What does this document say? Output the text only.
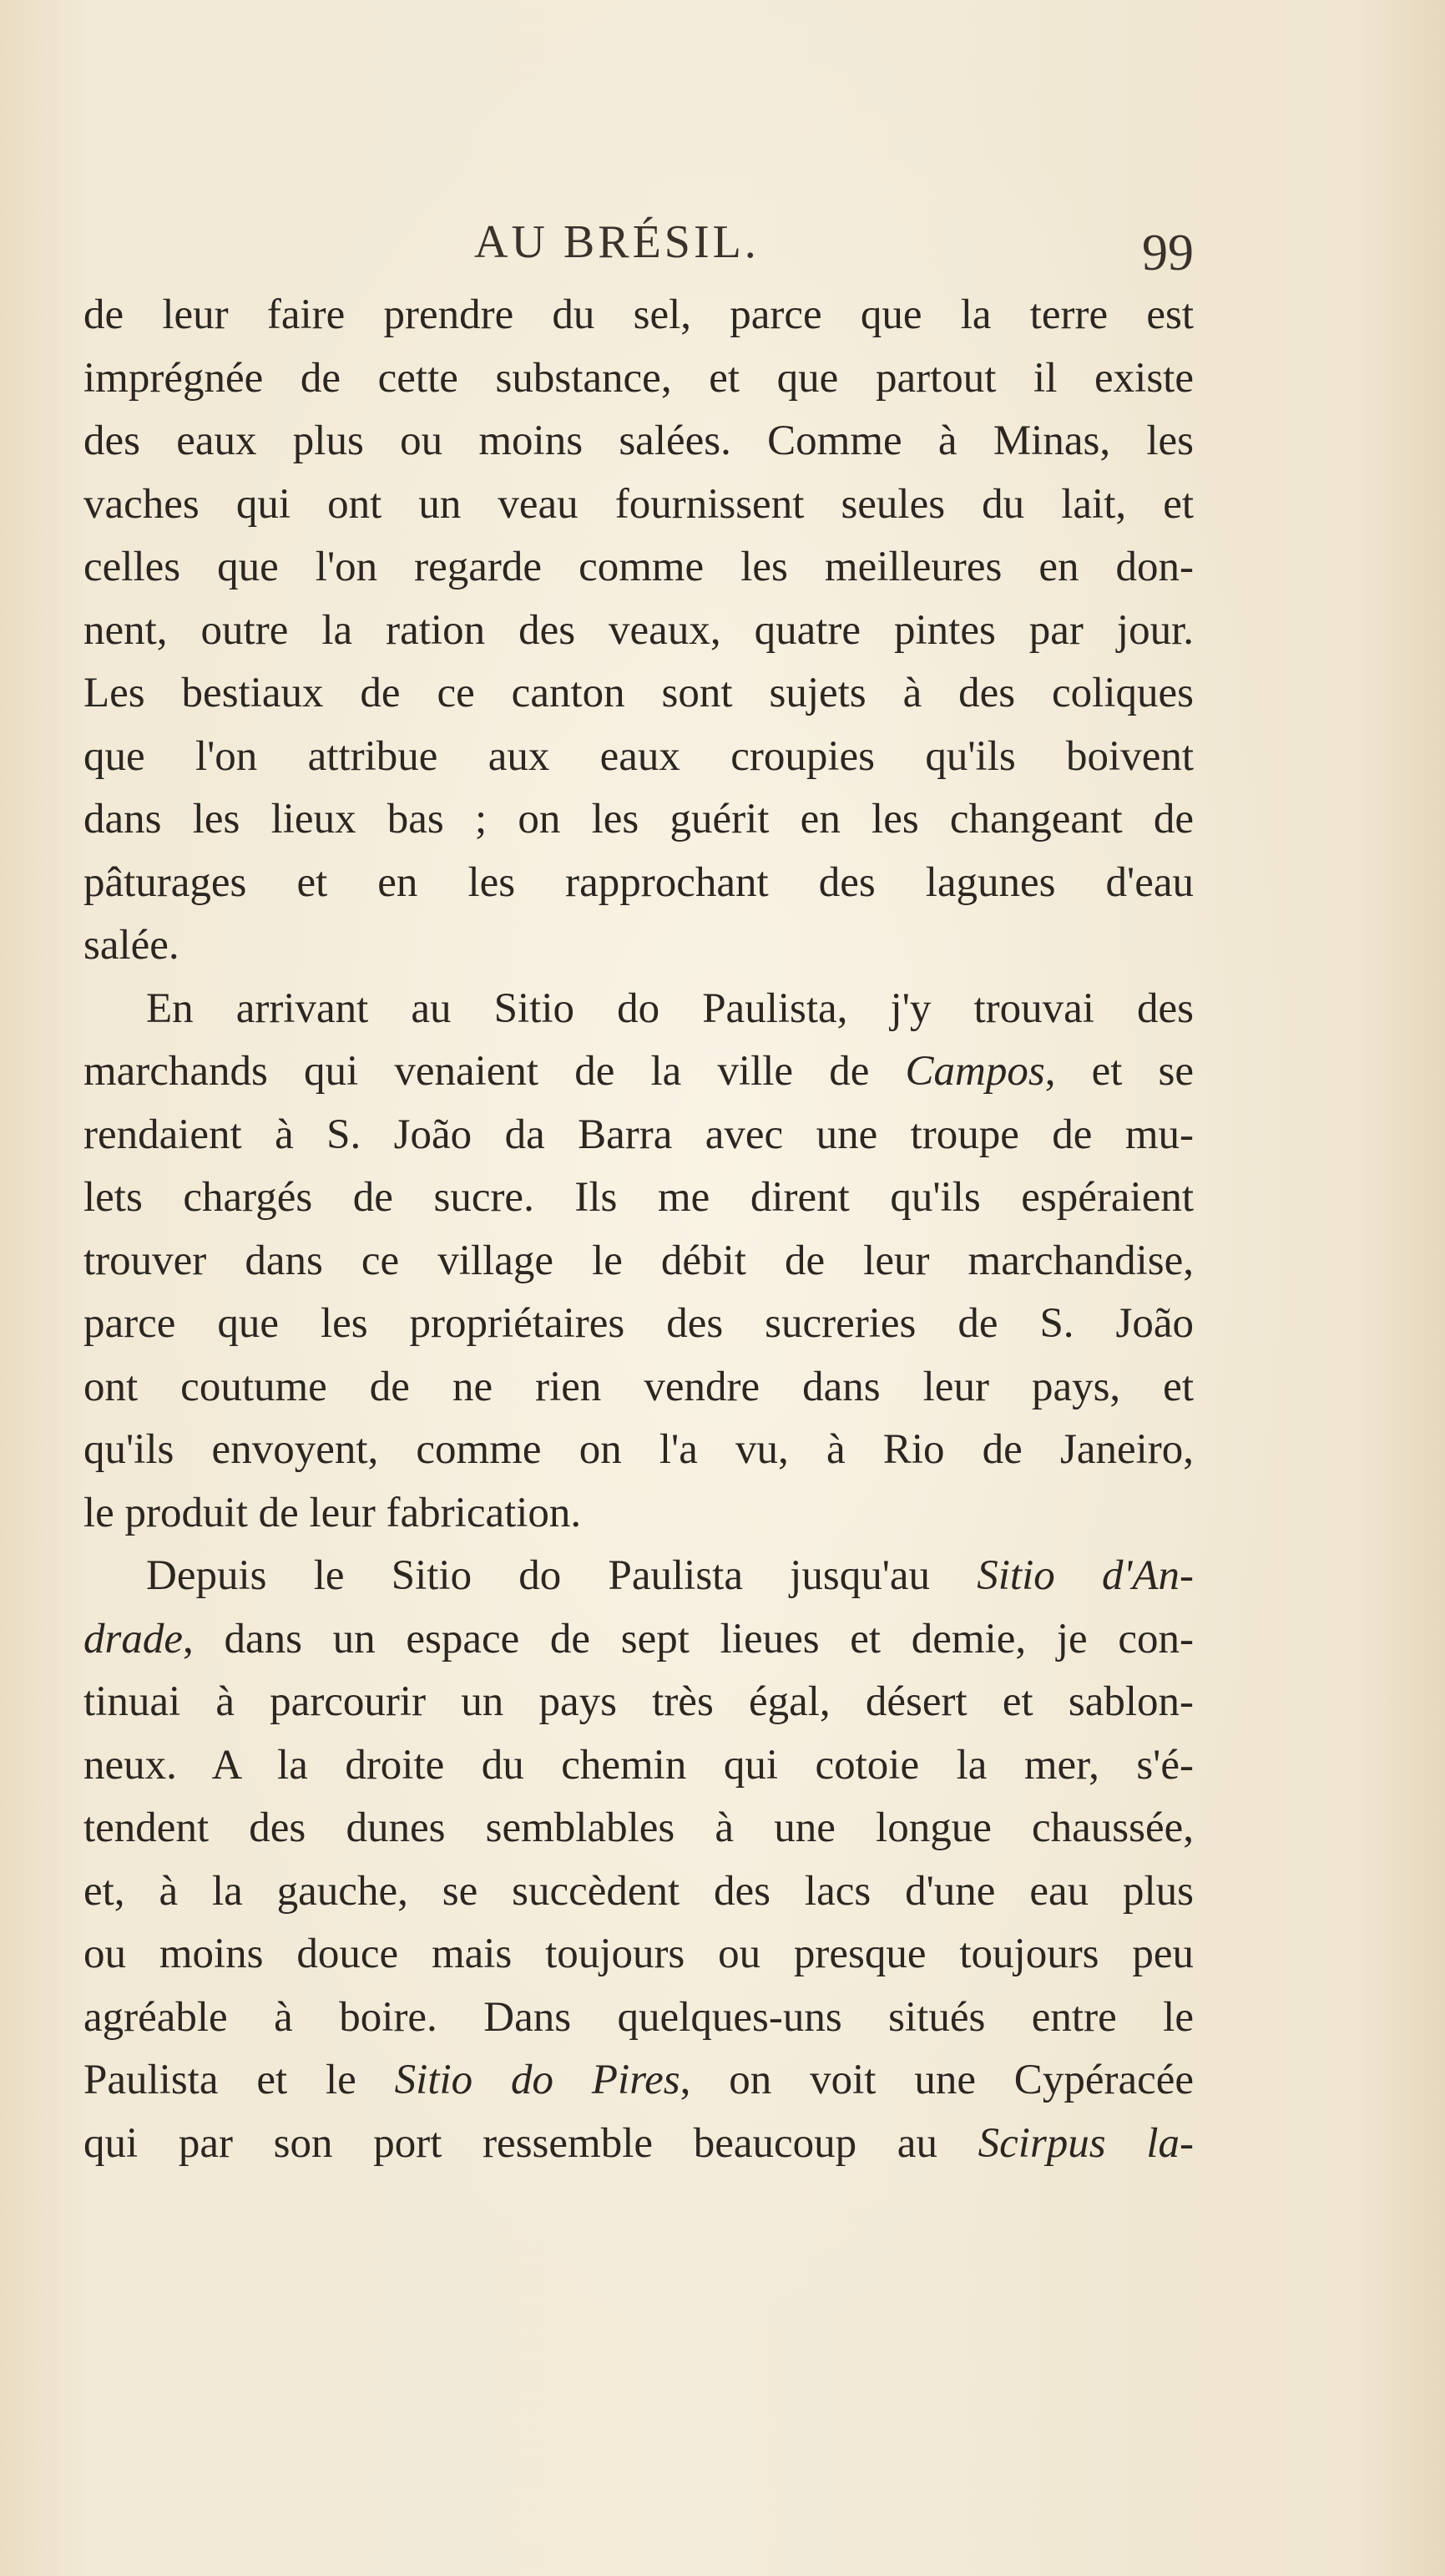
AU BRÉSIL.	99
de leur faire prendre du sel, parce que la terre est
imprégnée de cette substance, et que partout il existe
des eaux plus ou moins salées. Comme à Minas, les
vaches qui ont un veau fournissent seules du lait, et
celles que l'on regarde comme les meilleures en don-
nent, outre la ration des veaux, quatre pintes par jour.
Les bestiaux de ce canton sont sujets à des coliques
que l'on attribue aux eaux croupies qu'ils boivent
dans les lieux bas ; on les guérit en les changeant de
pâturages et en les rapprochant des lagunes d'eau
salée.
En arrivant au Sitio do Paulista, j'y trouvai des
marchands qui venaient de la ville de Campos, et se
rendaient à S. João da Barra avec une troupe de mu-
lets chargés de sucre. Ils me dirent qu'ils espéraient
trouver dans ce village le débit de leur marchandise,
parce que les propriétaires des sucreries de S. João
ont coutume de ne rien vendre dans leur pays, et
qu'ils envoyent, comme on l'a vu, à Rio de Janeiro,
le produit de leur fabrication.
Depuis le Sitio do Paulista jusqu'au Sitio d'An-
drade, dans un espace de sept lieues et demie, je con-
tinuai à parcourir un pays très égal, désert et sablon-
neux. A la droite du chemin qui cotoie la mer, s'é-
tendent des dunes semblables à une longue chaussée,
et, à la gauche, se succèdent des lacs d'une eau plus
ou moins douce mais toujours ou presque toujours peu
agréable à boire. Dans quelques-uns situés entre le
Paulista et le Sitio do Pires, on voit une Cypéracée
qui par son port ressemble beaucoup au Scirpus la-
